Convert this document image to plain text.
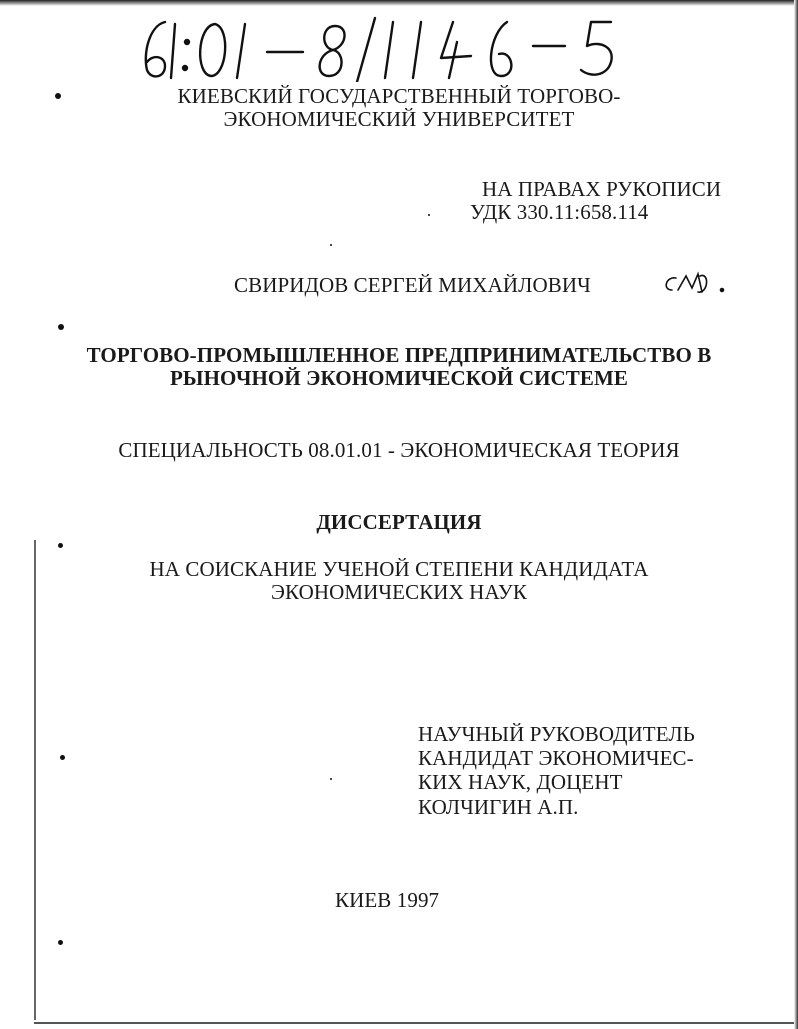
КИЕВСКИЙ ГОСУДАРСТВЕННЫЙ ТОРГОВО-
ЭКОНОМИЧЕСКИЙ УНИВЕРСИТЕТ
НА ПРАВАХ РУКОПИСИ
УДК 330.11:658.114
СВИРИДОВ СЕРГЕЙ МИХАЙЛОВИЧ
ТОРГОВО-ПРОМЫШЛЕННОЕ ПРЕДПРИНИМАТЕЛЬСТВО В
РЫНОЧНОЙ ЭКОНОМИЧЕСКОЙ СИСТЕМЕ
СПЕЦИАЛЬНОСТЬ 08.01.01 - ЭКОНОМИЧЕСКАЯ ТЕОРИЯ
ДИССЕРТАЦИЯ
НА СОИСКАНИЕ УЧЕНОЙ СТЕПЕНИ КАНДИДАТА
ЭКОНОМИЧЕСКИХ НАУК
НАУЧНЫЙ РУКОВОДИТЕЛЬ
КАНДИДАТ ЭКОНОМИЧЕС-
КИХ НАУК, ДОЦЕНТ
КОЛЧИГИН А.П.
КИЕВ 1997
